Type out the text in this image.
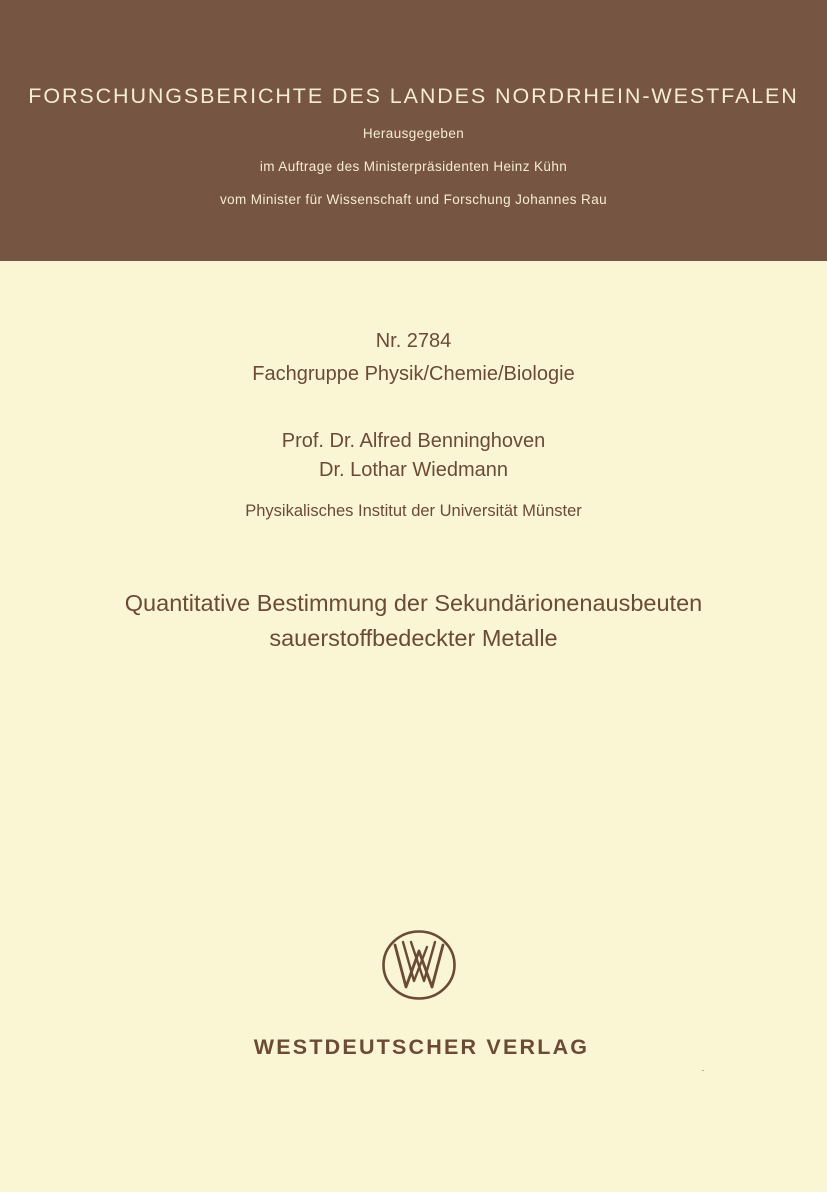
FORSCHUNGSBERICHTE DES LANDES NORDRHEIN-WESTFALEN
Herausgegeben
im Auftrage des Ministerpräsidenten Heinz Kühn
vom Minister für Wissenschaft und Forschung Johannes Rau
Nr. 2784
Fachgruppe Physik/Chemie/Biologie
Prof. Dr. Alfred Benninghoven
Dr. Lothar Wiedmann
Physikalisches Institut der Universität Münster
Quantitative Bestimmung der Sekundärionenausbeuten
sauerstoffbedeckter Metalle
WESTDEUTSCHER VERLAG
